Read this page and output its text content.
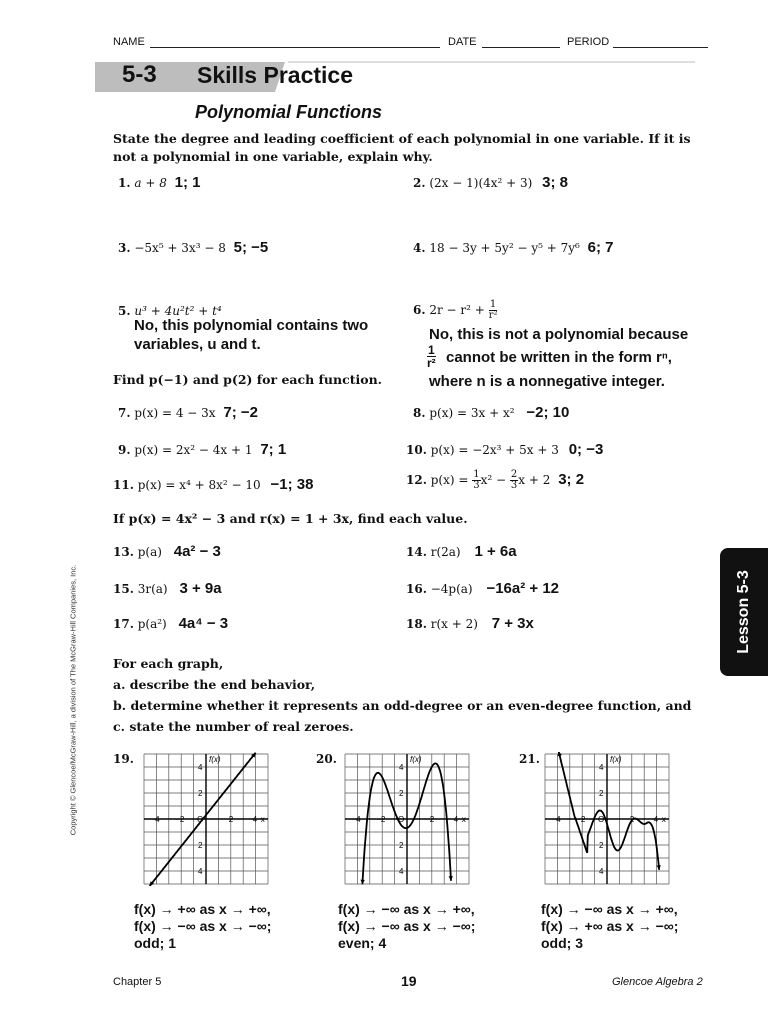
NAME	DATE	PERIOD
5-3 Skills Practice
Polynomial Functions
State the degree and leading coefficient of each polynomial in one variable. If it is not a polynomial in one variable, explain why.
1. a + 8 1; 1	2. (2x − 1)(4x² + 3) 3; 8
3. −5x⁵ + 3x³ − 8 5; −5	4. 18 − 3y + 5y² − y⁵ + 7y⁶ 6; 7
5. u³ + 4u²t² + t⁴
No, this polynomial contains two
variables, u and t.
6. $2r - r^2 + \frac{1}{\text{r²}}$
No, this is not a polynomial because
1
r² cannot be written in the form rⁿ,
where n is a nonnegative integer.
Find p(−1) and p(2) for each function.
7. p(x) = 4 − 3x 7; −2	8. p(x) = 3x + x² −2; 10
9. p(x) = 2x² − 4x + 1 7; 1	10. p(x) = −2x³ + 5x + 3 0; −3
11. p(x) = x⁴ + 8x² − 10 −1; 38	12. $p(x) = \frac{1}{3} x^2 - \frac{2}{3}$ x + 2 3; 2
If p(x) = 4x² − 3 and r(x) = 1 + 3x, find each value.
13. p(a) 4a² − 3	14. r(2a) 1 + 6a
15. 3r(a) 3 + 9a	16. −4p(a) −16a² + 12
17. p(a²) 4a⁴ − 3	18. r(x + 2) 7 + 3x
For each graph,
a. describe the end behavior,
b. determine whether it represents an odd-degree or an even-degree function, and
c. state the number of real zeroes.
19.	20.	21.
−4 −2 O	2 4 x
4
2
2
4
f(x)
−4 −2 O	2 4 x
4
2
2
4
f(x)
−4 −2 O	2 4 x
4
2
2
4
f(x)
f(x) → +∞ as x → +∞,
f(x) → −∞ as x → −∞;
odd; 1
f(x) → −∞ as x → +∞,
f(x) → −∞ as x → −∞;
even; 4
f(x) → −∞ as x → +∞,
f(x) → +∞ as x → −∞;
odd; 3
Lesson 5-3
Copyright © Glencoe/McGraw-Hill, a division of The McGraw-Hill Companies, Inc.
Chapter 5	19	Glencoe Algebra 2
